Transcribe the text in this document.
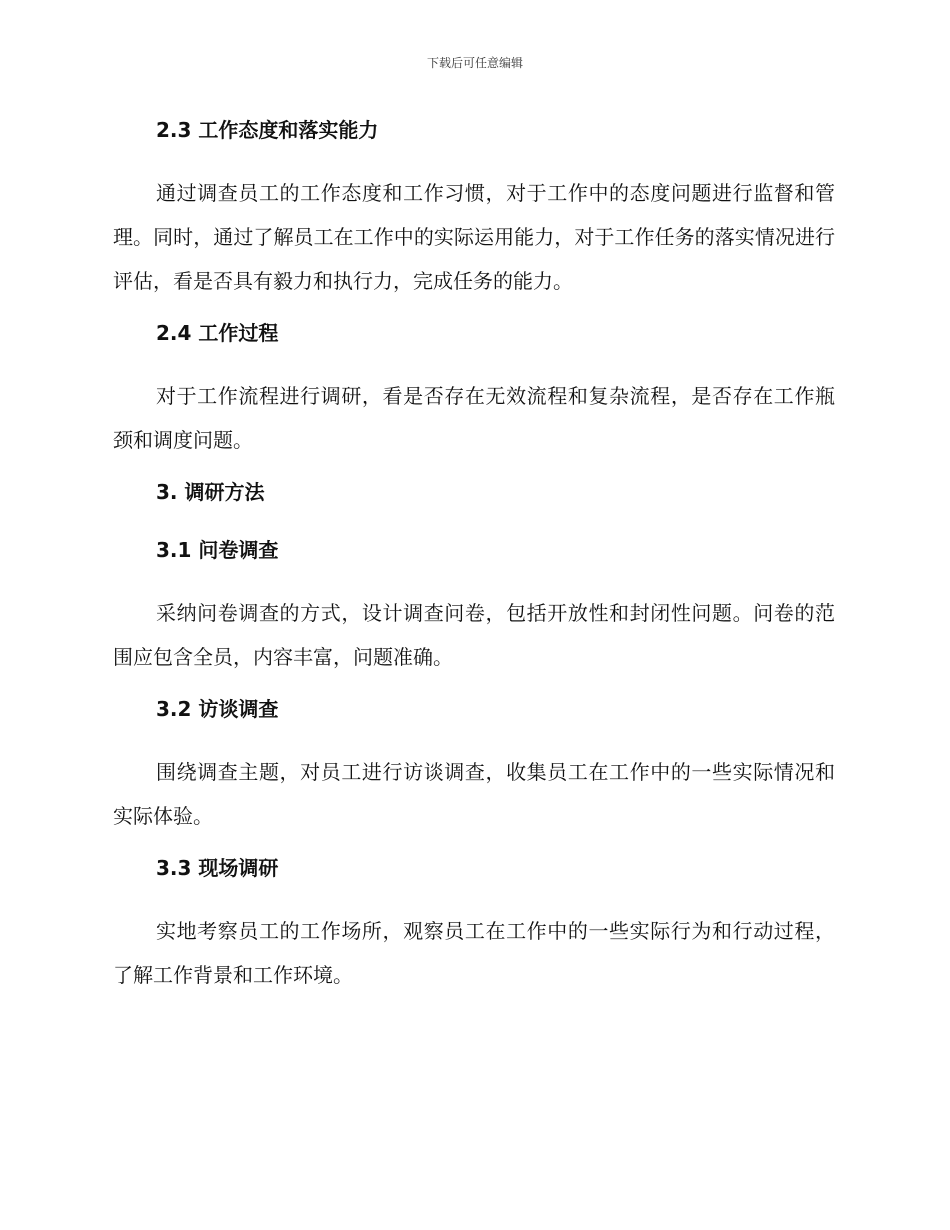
下载后可任意编辑
2.3 工作态度和落实能力
通过调查员工的工作态度和工作习惯，对于工作中的态度问题进行监督和管理。同时，通过了解员工在工作中的实际运用能力，对于工作任务的落实情况进行评估，看是否具有毅力和执行力，完成任务的能力。
2.4 工作过程
对于工作流程进行调研，看是否存在无效流程和复杂流程，是否存在工作瓶颈和调度问题。
3. 调研方法
3.1 问卷调查
采纳问卷调查的方式，设计调查问卷，包括开放性和封闭性问题。问卷的范围应包含全员，内容丰富，问题准确。
3.2 访谈调查
围绕调查主题，对员工进行访谈调查，收集员工在工作中的一些实际情况和实际体验。
3.3 现场调研
实地考察员工的工作场所，观察员工在工作中的一些实际行为和行动过程，了解工作背景和工作环境。
